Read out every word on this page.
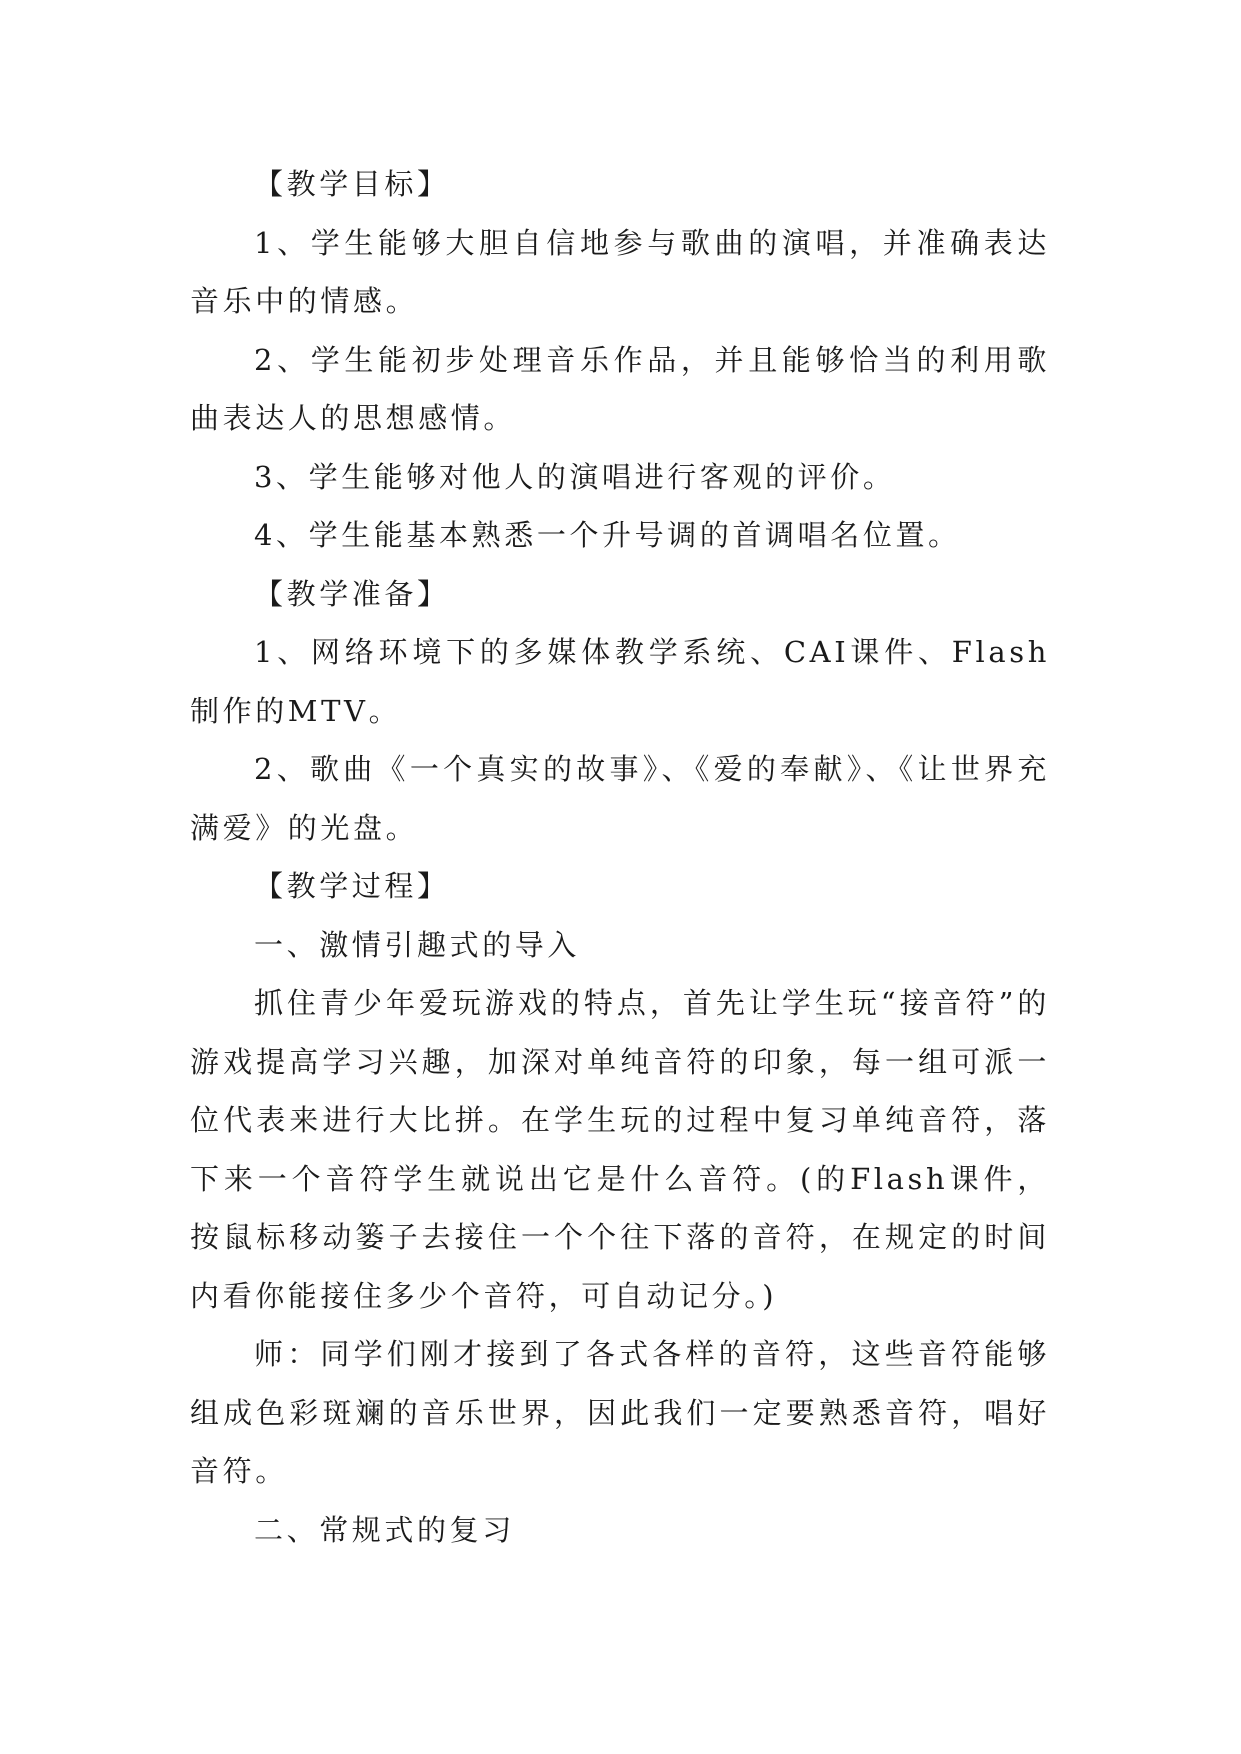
【教学目标】

1、学生能够大胆自信地参与歌曲的演唱，并准确表达音乐中的情感。

2、学生能初步处理音乐作品，并且能够恰当的利用歌曲表达人的思想感情。

3、学生能够对他人的演唱进行客观的评价。

4、学生能基本熟悉一个升号调的首调唱名位置。

【教学准备】

1、网络环境下的多媒体教学系统、CAI课件、Flash制作的MTV。

2、歌曲《一个真实的故事》、《爱的奉献》、《让世界充满爱》的光盘。

【教学过程】

一、激情引趣式的导入

抓住青少年爱玩游戏的特点，首先让学生玩“接音符”的游戏提高学习兴趣，加深对单纯音符的印象，每一组可派一位代表来进行大比拼。在学生玩的过程中复习单纯音符，落下来一个音符学生就说出它是什么音符。(的Flash课件，按鼠标移动篓子去接住一个个往下落的音符，在规定的时间内看你能接住多少个音符，可自动记分。)

师：同学们刚才接到了各式各样的音符，这些音符能够组成色彩斑斓的音乐世界，因此我们一定要熟悉音符，唱好音符。

二、常规式的复习
